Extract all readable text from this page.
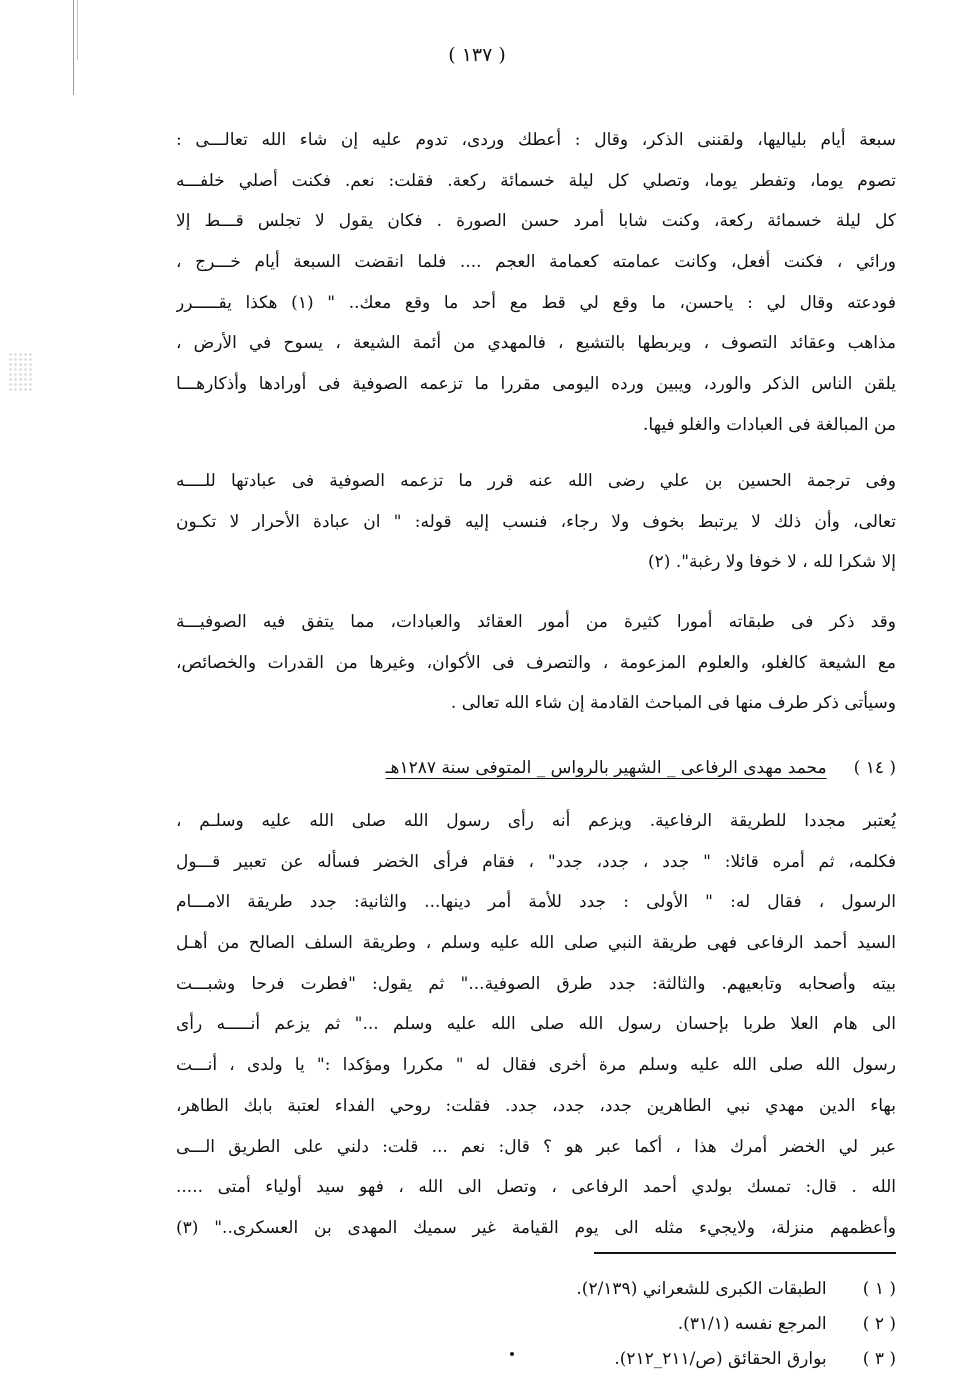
( ١٣٧ )
سبعة أيام بلياليها، ولقننى الذكر، وقال : أعطك وردى، تدوم عليه إن شاء الله تعالـــى :
تصوم يوما، وتفطر يوما، وتصلي كل ليلة خسمائة ركعة. فقلت: نعم. فكنت أصلي خلفـــه
كل ليلة خسمائة ركعة، وكنت شابا أمرد حسن الصورة . فكان يقول لا تجلس قـــط إلا
ورائي ، فكنت أفعل، وكانت عمامته كعمامة العجم .... فلما انقضت السبعة أيام خـــرج ،
فودعته وقال لي : ياحسن، ما وقع لي قط مع أحد ما وقع معك.. " (١) هكذا يقـــــرر
مذاهب وعقائد التصوف ، ويربطها بالتشيع ، فالمهدي من أئمة الشيعة ، يسوح في الأرض ،
يلقن الناس الذكر والورد، ويبين ورده اليومى مقررا ما تزعمه الصوفية فى أورادها وأذكارهـــا
من المبالغة فى العبادات والغلو فيها.
وفى ترجمة الحسين بن علي رضى الله عنه قرر ما تزعمه الصوفية فى عبادتها للــــه
تعالى، وأن ذلك لا يرتبط بخوف ولا رجاء، فنسب إليه قوله: " ان عبادة الأحرار لا تكـون
إلا شكرا لله ، لا خوفا ولا رغبة". (٢)
وقد ذكر فى طبقاته أمورا كثيرة من أمور العقائد والعبادات، مما يتفق فيه الصوفيـــة
مع الشيعة كالغلو، والعلوم المزعومة ، والتصرف فى الأكوان، وغيرها من القدرات والخصائص،
وسيأتى ذكر طرف منها فى المباحث القادمة إن شاء الله تعالى .
( ١٤ )     محمد مهدى الرفاعى _ الشهير بالرواس _ المتوفى سنة ١٢٨٧هـ
يُعتبر مجددا للطريقة الرفاعية. ويزعم أنه رأى رسول الله صلى الله عليه وسلـم ،
فكلمه، ثم أمره قائلا: " جدد ، جدد، جدد" ، فقام فرأى الخضر فسأله عن تعبير قـــول
الرسول ، فقال له: " الأولى : جدد للأمة أمر دينها... والثانية: جدد طريقة الامـــام
السيد أحمد الرفاعى فهى طريقة النبي صلى الله عليه وسلم ، وطريقة السلف الصالح من أهـل
بيته وأصحابه وتابعيهم. والثالثة: جدد طرق الصوفية..." ثم يقول: "فطرت فرحا وشبـــت
الى هام العلا طربا بإحسان رسول الله صلى الله عليه وسلم ..." ثم يزعم أنـــــه رأى
رسول الله صلى الله عليه وسلم مرة أخرى فقال له " مكررا ومؤكدا :" يا ولدى ، أنـــت
بهاء الدين مهدي نبي الطاهرين جدد، جدد، جدد. فقلت: روحي الفداء لعتبة بابك الطاهر،
عبر لي الخضر أمرك هذا ، أكما عبر هو ؟ قال: نعم ... قلت: دلني على الطريق الـــى
الله . قال: تمسك بولدي أحمد الرفاعى ، وتصل الى الله ، فهو سيد أولياء أمتى .....
وأعظمهم منزلة، ولايجيء مثله الى يوم القيامة غير سميك المهدى بن العسكرى.." (٣)
( ١ ) الطبقات الكبرى للشعراني (٢/١٣٩).
( ٢ ) المرجع نفسه (٣١/١).
( ٣ ) بوارق الحقائق (ص/٢١١_٢١٢).
